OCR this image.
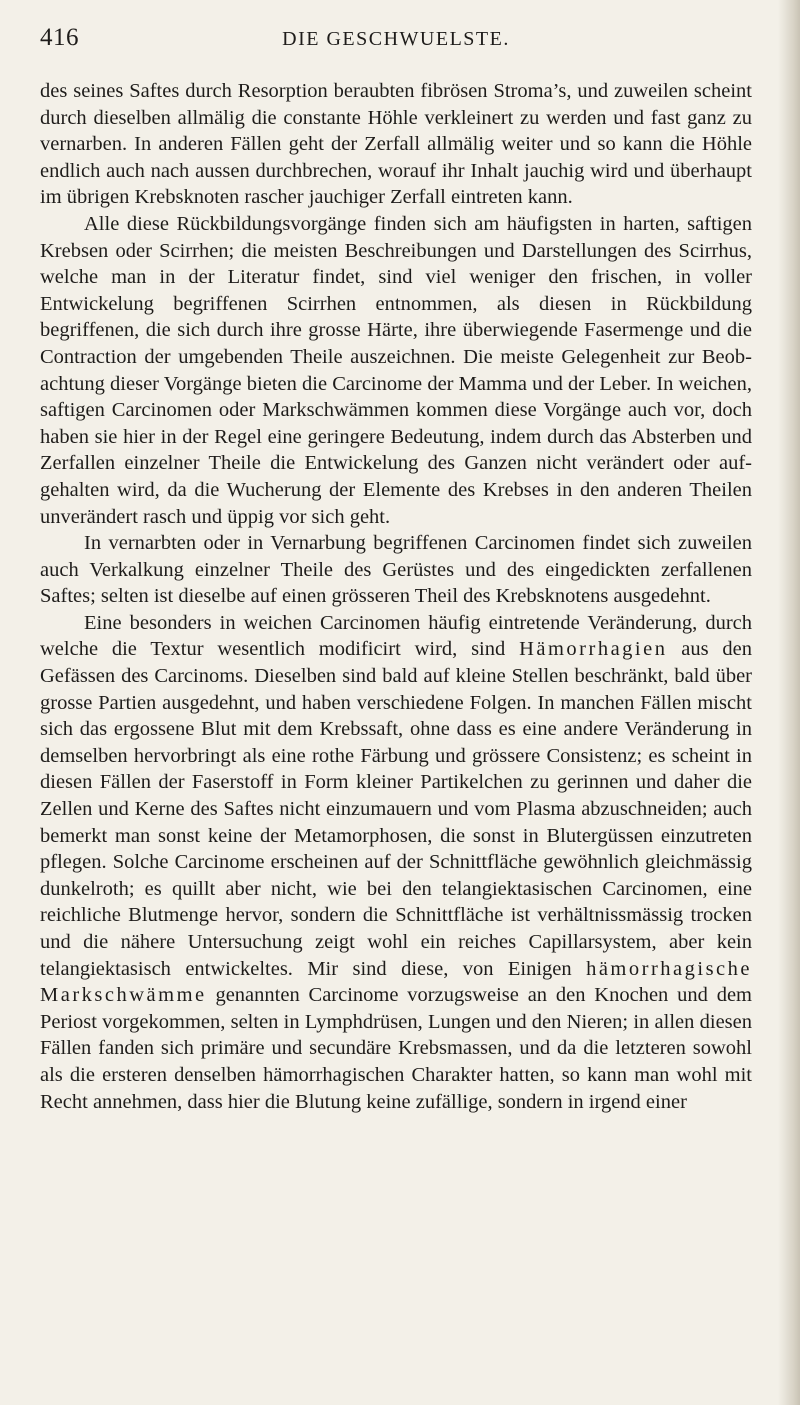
416	DIE GESCHWUELSTE.

des seines Saftes durch Resorption beraubten fibrösen Stroma’s, und zuweilen scheint durch dieselben allmälig die constante Höhle verkleinert zu werden und fast ganz zu vernarben. In anderen Fällen geht der Zerfall allmälig weiter und so kann die Höhle endlich auch nach aussen durchbrechen, worauf ihr Inhalt jauchig wird und überhaupt im übrigen Krebsknoten rascher jauchiger Zerfall eintreten kann.

Alle diese Rückbildungsvorgänge finden sich am häufigsten in harten, saftigen Krebsen oder Scirrhen; die meisten Beschreibungen und Darstellungen des Scirrhus, welche man in der Literatur findet, sind viel weniger den frischen, in voller Entwickelung begriffenen Scirrhen entnommen, als diesen in Rückbildung begriffenen, die sich durch ihre grosse Härte, ihre überwiegende Fasermenge und die Contraction der umgebenden Theile auszeichnen. Die meiste Gelegenheit zur Beobachtung dieser Vorgänge bieten die Carcinome der Mamma und der Leber. In weichen, saftigen Carcinomen oder Markschwämmen kommen diese Vorgänge auch vor, doch haben sie hier in der Regel eine geringere Bedeutung, indem durch das Absterben und Zerfallen einzelner Theile die Entwickelung des Ganzen nicht verändert oder aufgehalten wird, da die Wucherung der Elemente des Krebses in den anderen Theilen unverändert rasch und üppig vor sich geht.

In vernarbten oder in Vernarbung begriffenen Carcinomen findet sich zuweilen auch Verkalkung einzelner Theile des Gerüstes und des eingedickten zerfallenen Saftes; selten ist dieselbe auf einen grösseren Theil des Krebsknotens ausgedehnt.

Eine besonders in weichen Carcinomen häufig eintretende Veränderung, durch welche die Textur wesentlich modificirt wird, sind Hämorrhagien aus den Gefässen des Carcinoms. Dieselben sind bald auf kleine Stellen beschränkt, bald über grosse Partien ausgedehnt, und haben verschiedene Folgen. In manchen Fällen mischt sich das ergossene Blut mit dem Krebssaft, ohne dass es eine andere Veränderung in demselben hervorbringt als eine rothe Färbung und grössere Consistenz; es scheint in diesen Fällen der Faserstoff in Form kleiner Partikelchen zu gerinnen und daher die Zellen und Kerne des Saftes nicht einzumauern und vom Plasma abzuschneiden; auch bemerkt man sonst keine der Metamorphosen, die sonst in Blutergüssen einzutreten pflegen. Solche Carcinome erscheinen auf der Schnittfläche gewöhnlich gleichmässig dunkelroth; es quillt aber nicht, wie bei den telangiektasischen Carcinomen, eine reichliche Blutmenge hervor, sondern die Schnittfläche ist verhältnissmässig trocken und die nähere Untersuchung zeigt wohl ein reiches Capillarsystem, aber kein telangiektasisch entwickeltes. Mir sind diese, von Einigen hämorrhagische Markschwämme genannten Carcinome vorzugsweise an den Knochen und dem Periost vorgekommen, selten in Lymphdrüsen, Lungen und den Nieren; in allen diesen Fällen fanden sich primäre und secundäre Krebsmassen, und da die letzteren sowohl als die ersteren denselben hämorrhagischen Charakter hatten, so kann man wohl mit Recht annehmen, dass hier die Blutung keine zufällige, sondern in irgend einer
